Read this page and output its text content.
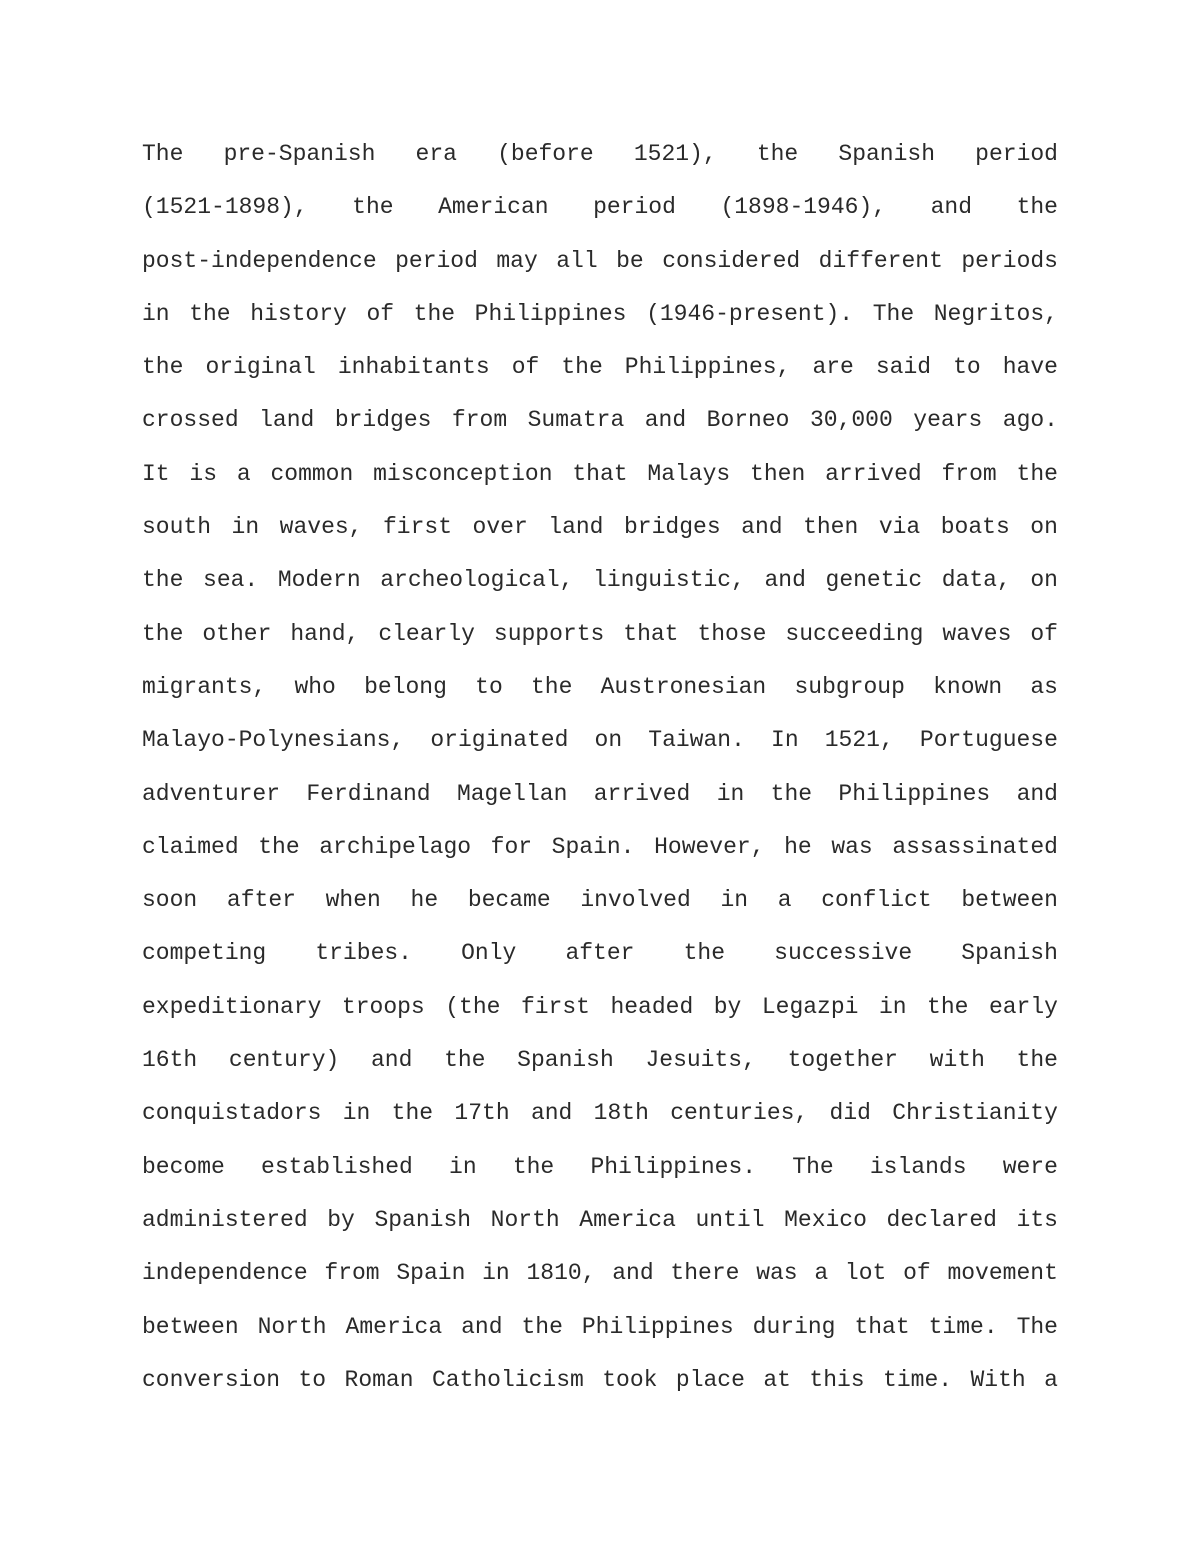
The pre-Spanish era (before 1521), the Spanish period
(1521-1898), the American period (1898-1946), and the
post-independence period may all be considered different periods
in the history of the Philippines (1946-present). The Negritos,
the original inhabitants of the Philippines, are said to have
crossed land bridges from Sumatra and Borneo 30,000 years ago.
It is a common misconception that Malays then arrived from the
south in waves, first over land bridges and then via boats on
the sea. Modern archeological, linguistic, and genetic data, on
the other hand, clearly supports that those succeeding waves of
migrants, who belong to the Austronesian subgroup known as
Malayo-Polynesians, originated on Taiwan. In 1521, Portuguese
adventurer Ferdinand Magellan arrived in the Philippines and
claimed the archipelago for Spain. However, he was assassinated
soon after when he became involved in a conflict between
competing tribes. Only after the successive Spanish
expeditionary troops (the first headed by Legazpi in the early
16th century) and the Spanish Jesuits, together with the
conquistadors in the 17th and 18th centuries, did Christianity
become established in the Philippines. The islands were
administered by Spanish North America until Mexico declared its
independence from Spain in 1810, and there was a lot of movement
between North America and the Philippines during that time. The
conversion to Roman Catholicism took place at this time. With a
